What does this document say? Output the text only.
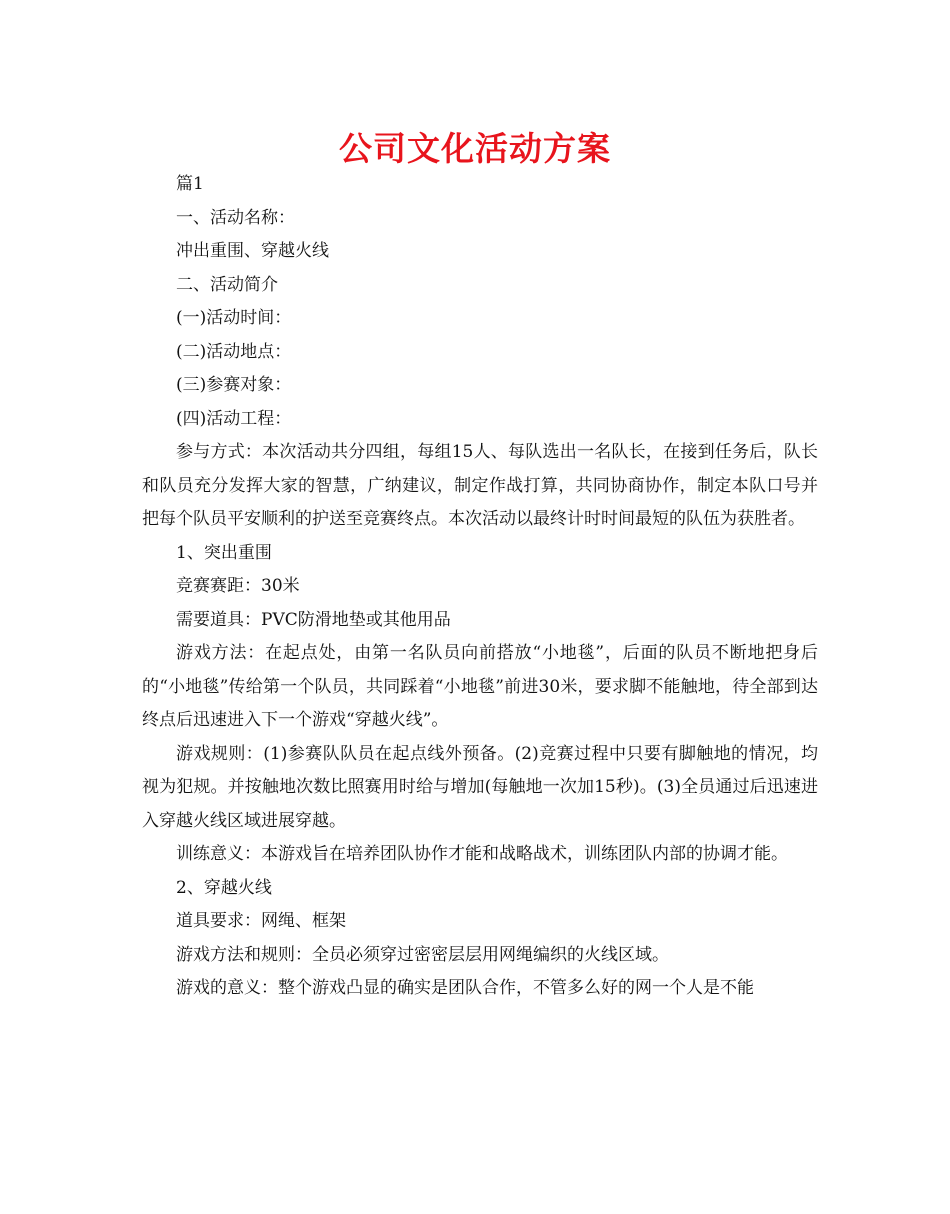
公司文化活动方案

篇1

一、活动名称：

冲出重围、穿越火线

二、活动简介

(一)活动时间：

(二)活动地点：

(三)参赛对象：

(四)活动工程：

参与方式：本次活动共分四组，每组15人、每队选出一名队长，在接到任务后，队长和队员充分发挥大家的智慧，广纳建议，制定作战打算，共同协商协作，制定本队口号并把每个队员平安顺利的护送至竞赛终点。本次活动以最终计时时间最短的队伍为获胜者。

1、突出重围

竞赛赛距：30米

需要道具：PVC防滑地垫或其他用品

游戏方法：在起点处，由第一名队员向前搭放“小地毯”，后面的队员不断地把身后的“小地毯”传给第一个队员，共同踩着“小地毯”前进30米，要求脚不能触地，待全部到达终点后迅速进入下一个游戏“穿越火线”。

游戏规则：(1)参赛队队员在起点线外预备。(2)竞赛过程中只要有脚触地的情况，均视为犯规。并按触地次数比照赛用时给与增加(每触地一次加15秒)。(3)全员通过后迅速进入穿越火线区域进展穿越。

训练意义：本游戏旨在培养团队协作才能和战略战术，训练团队内部的协调才能。

2、穿越火线

道具要求：网绳、框架

游戏方法和规则：全员必须穿过密密层层用网绳编织的火线区域。

游戏的意义：整个游戏凸显的确实是团队合作，不管多么好的网一个人是不能
